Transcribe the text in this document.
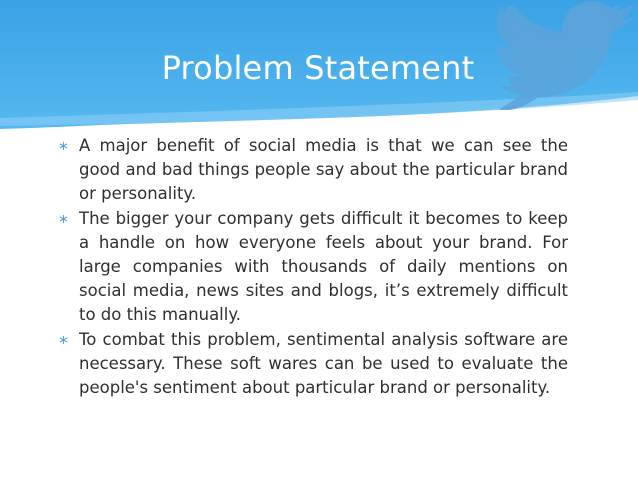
Problem Statement
∗ A major benefit of social media is that we can see the good and bad things people say about the particular brand or personality.
∗ The bigger your company gets difficult it becomes to keep a handle on how everyone feels about your brand. For large companies with thousands of daily mentions on social media, news sites and blogs, it’s extremely difficult to do this manually.
∗ To combat this problem, sentimental analysis software are necessary. These soft wares can be used to evaluate the people's sentiment about particular brand or personality.
